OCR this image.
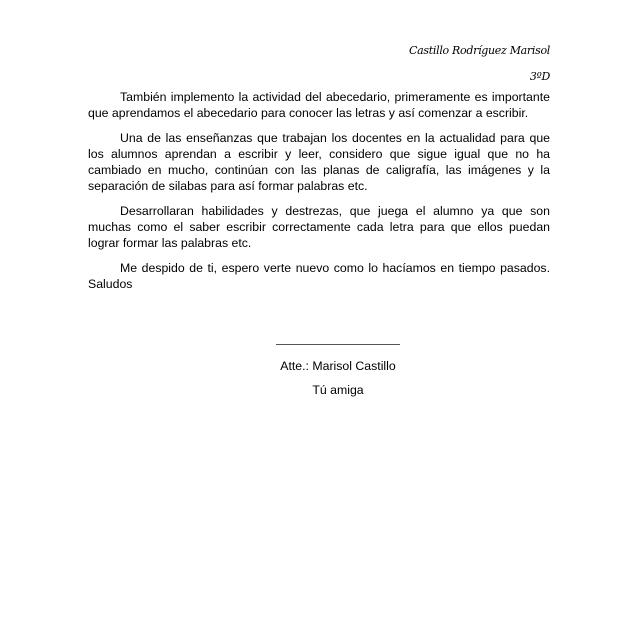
Castillo Rodríguez Marisol
3ºD

También implemento la actividad del abecedario, primeramente es importante que aprendamos el abecedario para conocer las letras y así comenzar a escribir.

Una de las enseñanzas que trabajan los docentes en la actualidad para que los alumnos aprendan a escribir y leer, considero que sigue igual que no ha cambiado en mucho, continúan con las planas de caligrafía, las imágenes y la separación de silabas para así formar palabras etc.

Desarrollaran habilidades y destrezas, que juega el alumno ya que son muchas como el saber escribir correctamente cada letra para que ellos puedan lograr formar las palabras etc.

Me despido de ti, espero verte nuevo como lo hacíamos en tiempo pasados. Saludos

Atte.: Marisol Castillo
Tú amiga
